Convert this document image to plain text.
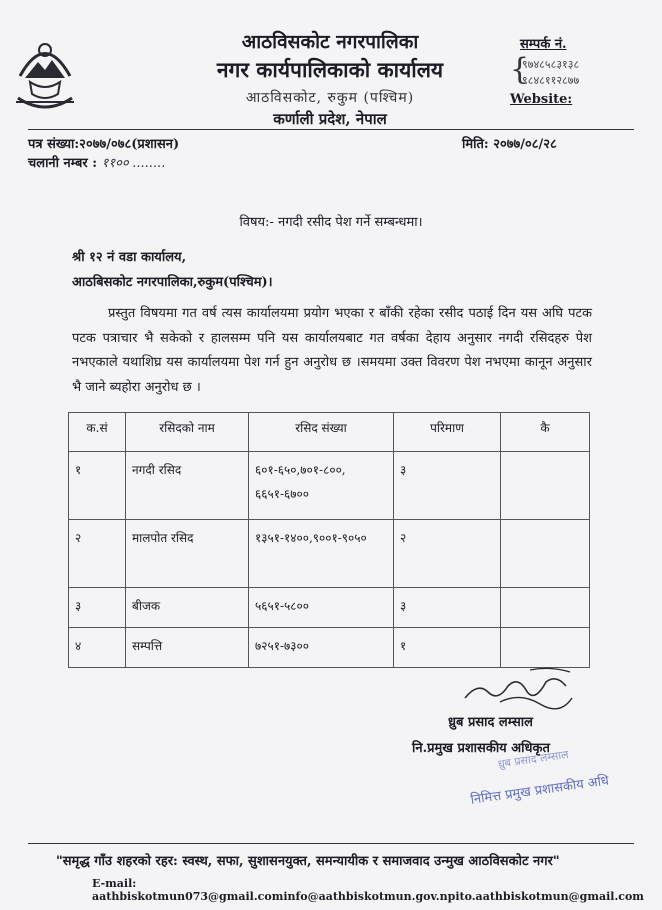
आठविसकोट नगरपालिका
नगर कार्यपालिकाको कार्यालय
आठविसकोट, रुकुम (पश्चिम)
कर्णाली प्रदेश, नेपाल
सम्पर्क नं.
{
९७४८५८३१३८
९८४८११२८७७
Website:
पत्र संख्या:२०७७/०७८(प्रशासन)	मिति: २०७७/०८/२८
चलानी नम्बर : ११०० ........
विषय:- नगदी रसीद पेश गर्ने सम्बन्धमा।
श्री १२ नं वडा कार्यालय,
आठबिसकोट नगरपालिका,रुकुम(पश्चिम)।
प्रस्तुत विषयमा गत वर्ष त्यस कार्यालयमा प्रयोग भएका र बाँकी रहेका रसीद पठाई दिन यस अघि पटक पटक पत्राचार भै सकेको र हालसम्म पनि यस कार्यालयबाट गत वर्षका देहाय अनुसार नगदी रसिदहरु पेश नभएकाले यथाशिघ्र यस कार्यालयमा पेश गर्न हुन अनुरोध छ ।समयमा उक्त विवरण पेश नभएमा कानून अनुसार भै जाने ब्यहोरा अनुरोध छ ।
क.सं	रसिदको नाम	रसिद संख्या	परिमाण	कै
१	नगदी रसिद	६०१-६५०,७०१-८००, ६६५१-६७००	३	
२	मालपोत रसिद	१३५१-१४००,९००१-९०५०	२	
३	बीजक	५६५१-५८००	३	
४	सम्पत्ति	७२५१-७३००	१	
ध्रुब प्रसाद लम्साल
नि.प्रमुख प्रशासकीय अधिकृत
ध्रुब प्रसाद लम्साल
निमित्त प्रमुख प्रशासकीय अधि
"समृद्ध गाँउ शहरको रहर: स्वस्थ, सफा, सुशासनयुक्त, समन्यायीक र समाजवाद उन्मुख आठविसकोट नगर"
E-mail: aathbiskotmun073@gmail.cominfo@aathbiskotmun.gov.npito.aathbiskotmun@gmail.com
